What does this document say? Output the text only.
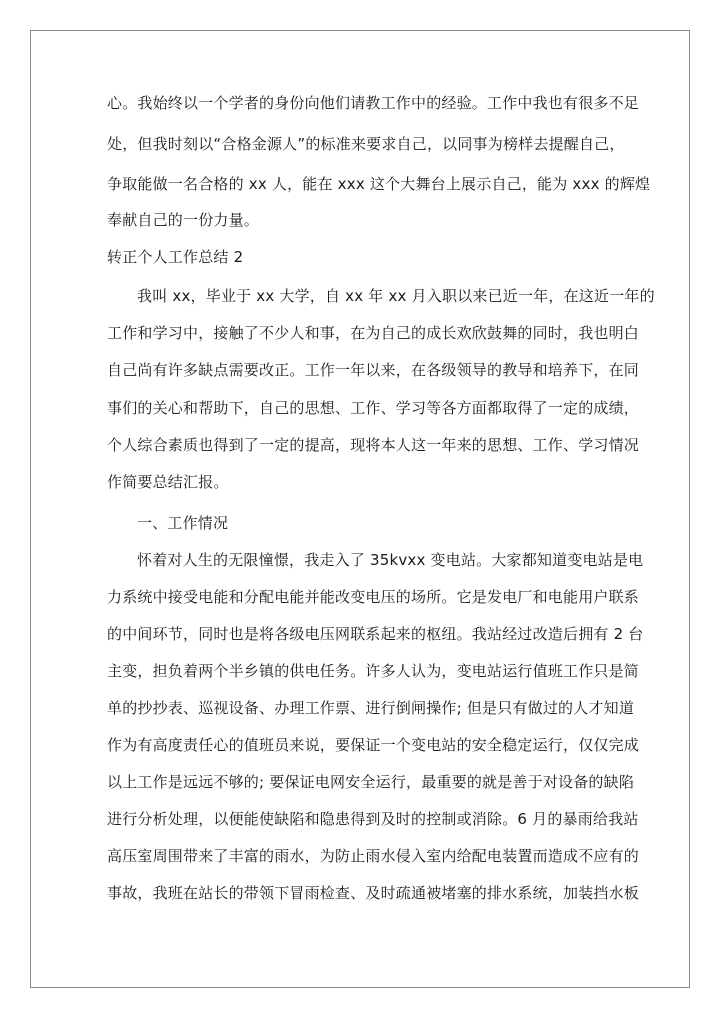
心。我始终以一个学者的身份向他们请教工作中的经验。工作中我也有很多不足
处，但我时刻以“合格金源人”的标准来要求自己，以同事为榜样去提醒自己，
争取能做一名合格的 xx 人，能在 xxx 这个大舞台上展示自己，能为 xxx 的辉煌
奉献自己的一份力量。
转正个人工作总结 2
我叫 xx，毕业于 xx 大学，自 xx 年 xx 月入职以来已近一年，在这近一年的
工作和学习中，接触了不少人和事，在为自己的成长欢欣鼓舞的同时，我也明白
自己尚有许多缺点需要改正。工作一年以来，在各级领导的教导和培养下，在同
事们的关心和帮助下，自己的思想、工作、学习等各方面都取得了一定的成绩，
个人综合素质也得到了一定的提高，现将本人这一年来的思想、工作、学习情况
作简要总结汇报。
一、工作情况
怀着对人生的无限憧憬，我走入了 35kvxx 变电站。大家都知道变电站是电
力系统中接受电能和分配电能并能改变电压的场所。它是发电厂和电能用户联系
的中间环节，同时也是将各级电压网联系起来的枢纽。我站经过改造后拥有 2 台
主变，担负着两个半乡镇的供电任务。许多人认为，变电站运行值班工作只是简
单的抄抄表、巡视设备、办理工作票、进行倒闸操作; 但是只有做过的人才知道
作为有高度责任心的值班员来说，要保证一个变电站的安全稳定运行，仅仅完成
以上工作是远远不够的; 要保证电网安全运行，最重要的就是善于对设备的缺陷
进行分析处理，以便能使缺陷和隐患得到及时的控制或消除。6 月的暴雨给我站
高压室周围带来了丰富的雨水，为防止雨水侵入室内给配电装置而造成不应有的
事故，我班在站长的带领下冒雨检查、及时疏通被堵塞的排水系统，加装挡水板
